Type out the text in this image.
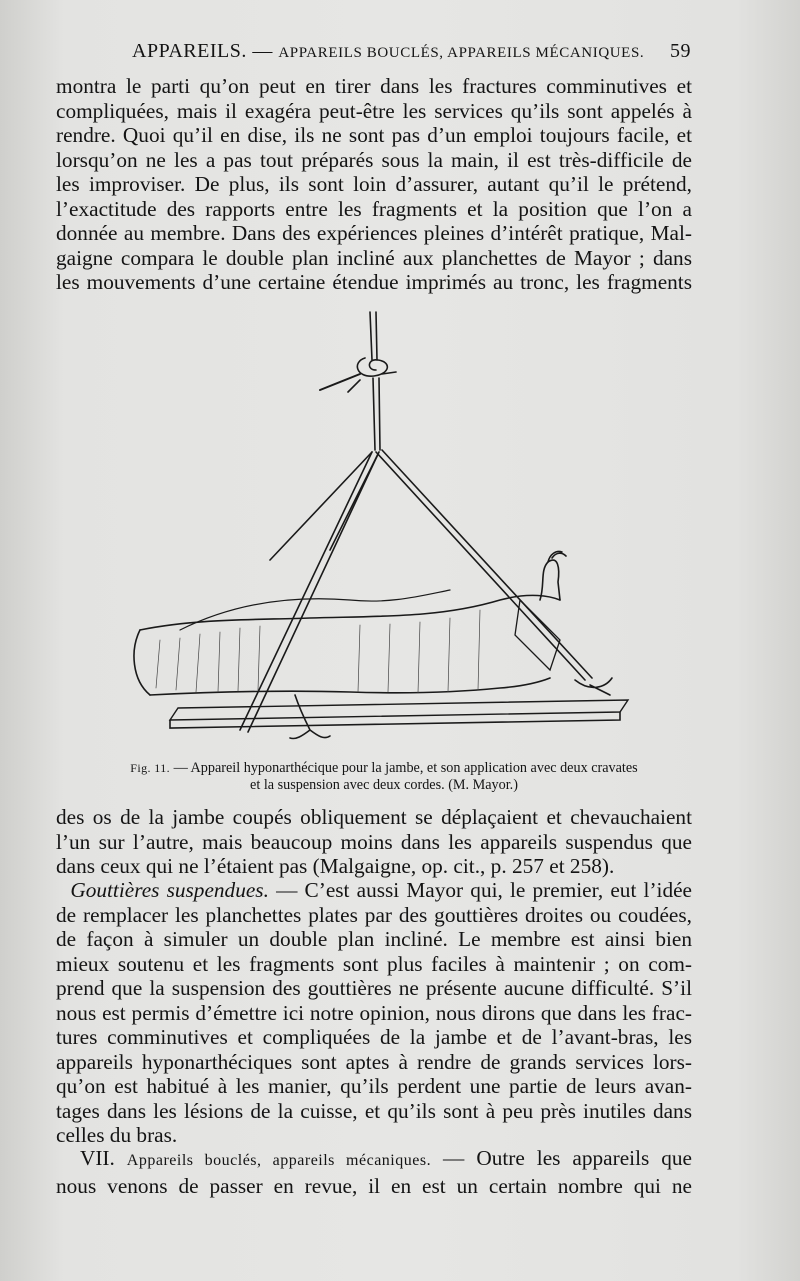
APPAREILS. — APPAREILS BOUCLÉS, APPAREILS MÉCANIQUES. 59
montra le parti qu’on peut en tirer dans les fractures comminutives et
compliquées, mais il exagéra peut-être les services qu’ils sont appelés à
rendre. Quoi qu’il en dise, ils ne sont pas d’un emploi toujours facile, et
lorsqu’on ne les a pas tout préparés sous la main, il est très-difficile de
les improviser. De plus, ils sont loin d’assurer, autant qu’il le prétend,
l’exactitude des rapports entre les fragments et la position que l’on a
donnée au membre. Dans des expériences pleines d’intérêt pratique, Mal-
gaigne compara le double plan incliné aux planchettes de Mayor ; dans
les mouvements d’une certaine étendue imprimés au tronc, les fragments
Fig. 11. — Appareil hyponarthécique pour la jambe, et son application avec deux cravates
et la suspension avec deux cordes. (M. Mayor.)
des os de la jambe coupés obliquement se déplaçaient et chevauchaient
l’un sur l’autre, mais beaucoup moins dans les appareils suspendus que
dans ceux qui ne l’étaient pas (Malgaigne, op. cit., p. 257 et 258).
Gouttières suspendues. — C’est aussi Mayor qui, le premier, eut l’idée
de remplacer les planchettes plates par des gouttières droites ou coudées,
de façon à simuler un double plan incliné. Le membre est ainsi bien
mieux soutenu et les fragments sont plus faciles à maintenir ; on com-
prend que la suspension des gouttières ne présente aucune difficulté. S’il
nous est permis d’émettre ici notre opinion, nous dirons que dans les frac-
tures comminutives et compliquées de la jambe et de l’avant-bras, les
appareils hyponarthéciques sont aptes à rendre de grands services lors-
qu’on est habitué à les manier, qu’ils perdent une partie de leurs avan-
tages dans les lésions de la cuisse, et qu’ils sont à peu près inutiles dans
celles du bras.
VII. Appareils bouclés, appareils mécaniques. — Outre les appareils que
nous venons de passer en revue, il en est un certain nombre qui ne
